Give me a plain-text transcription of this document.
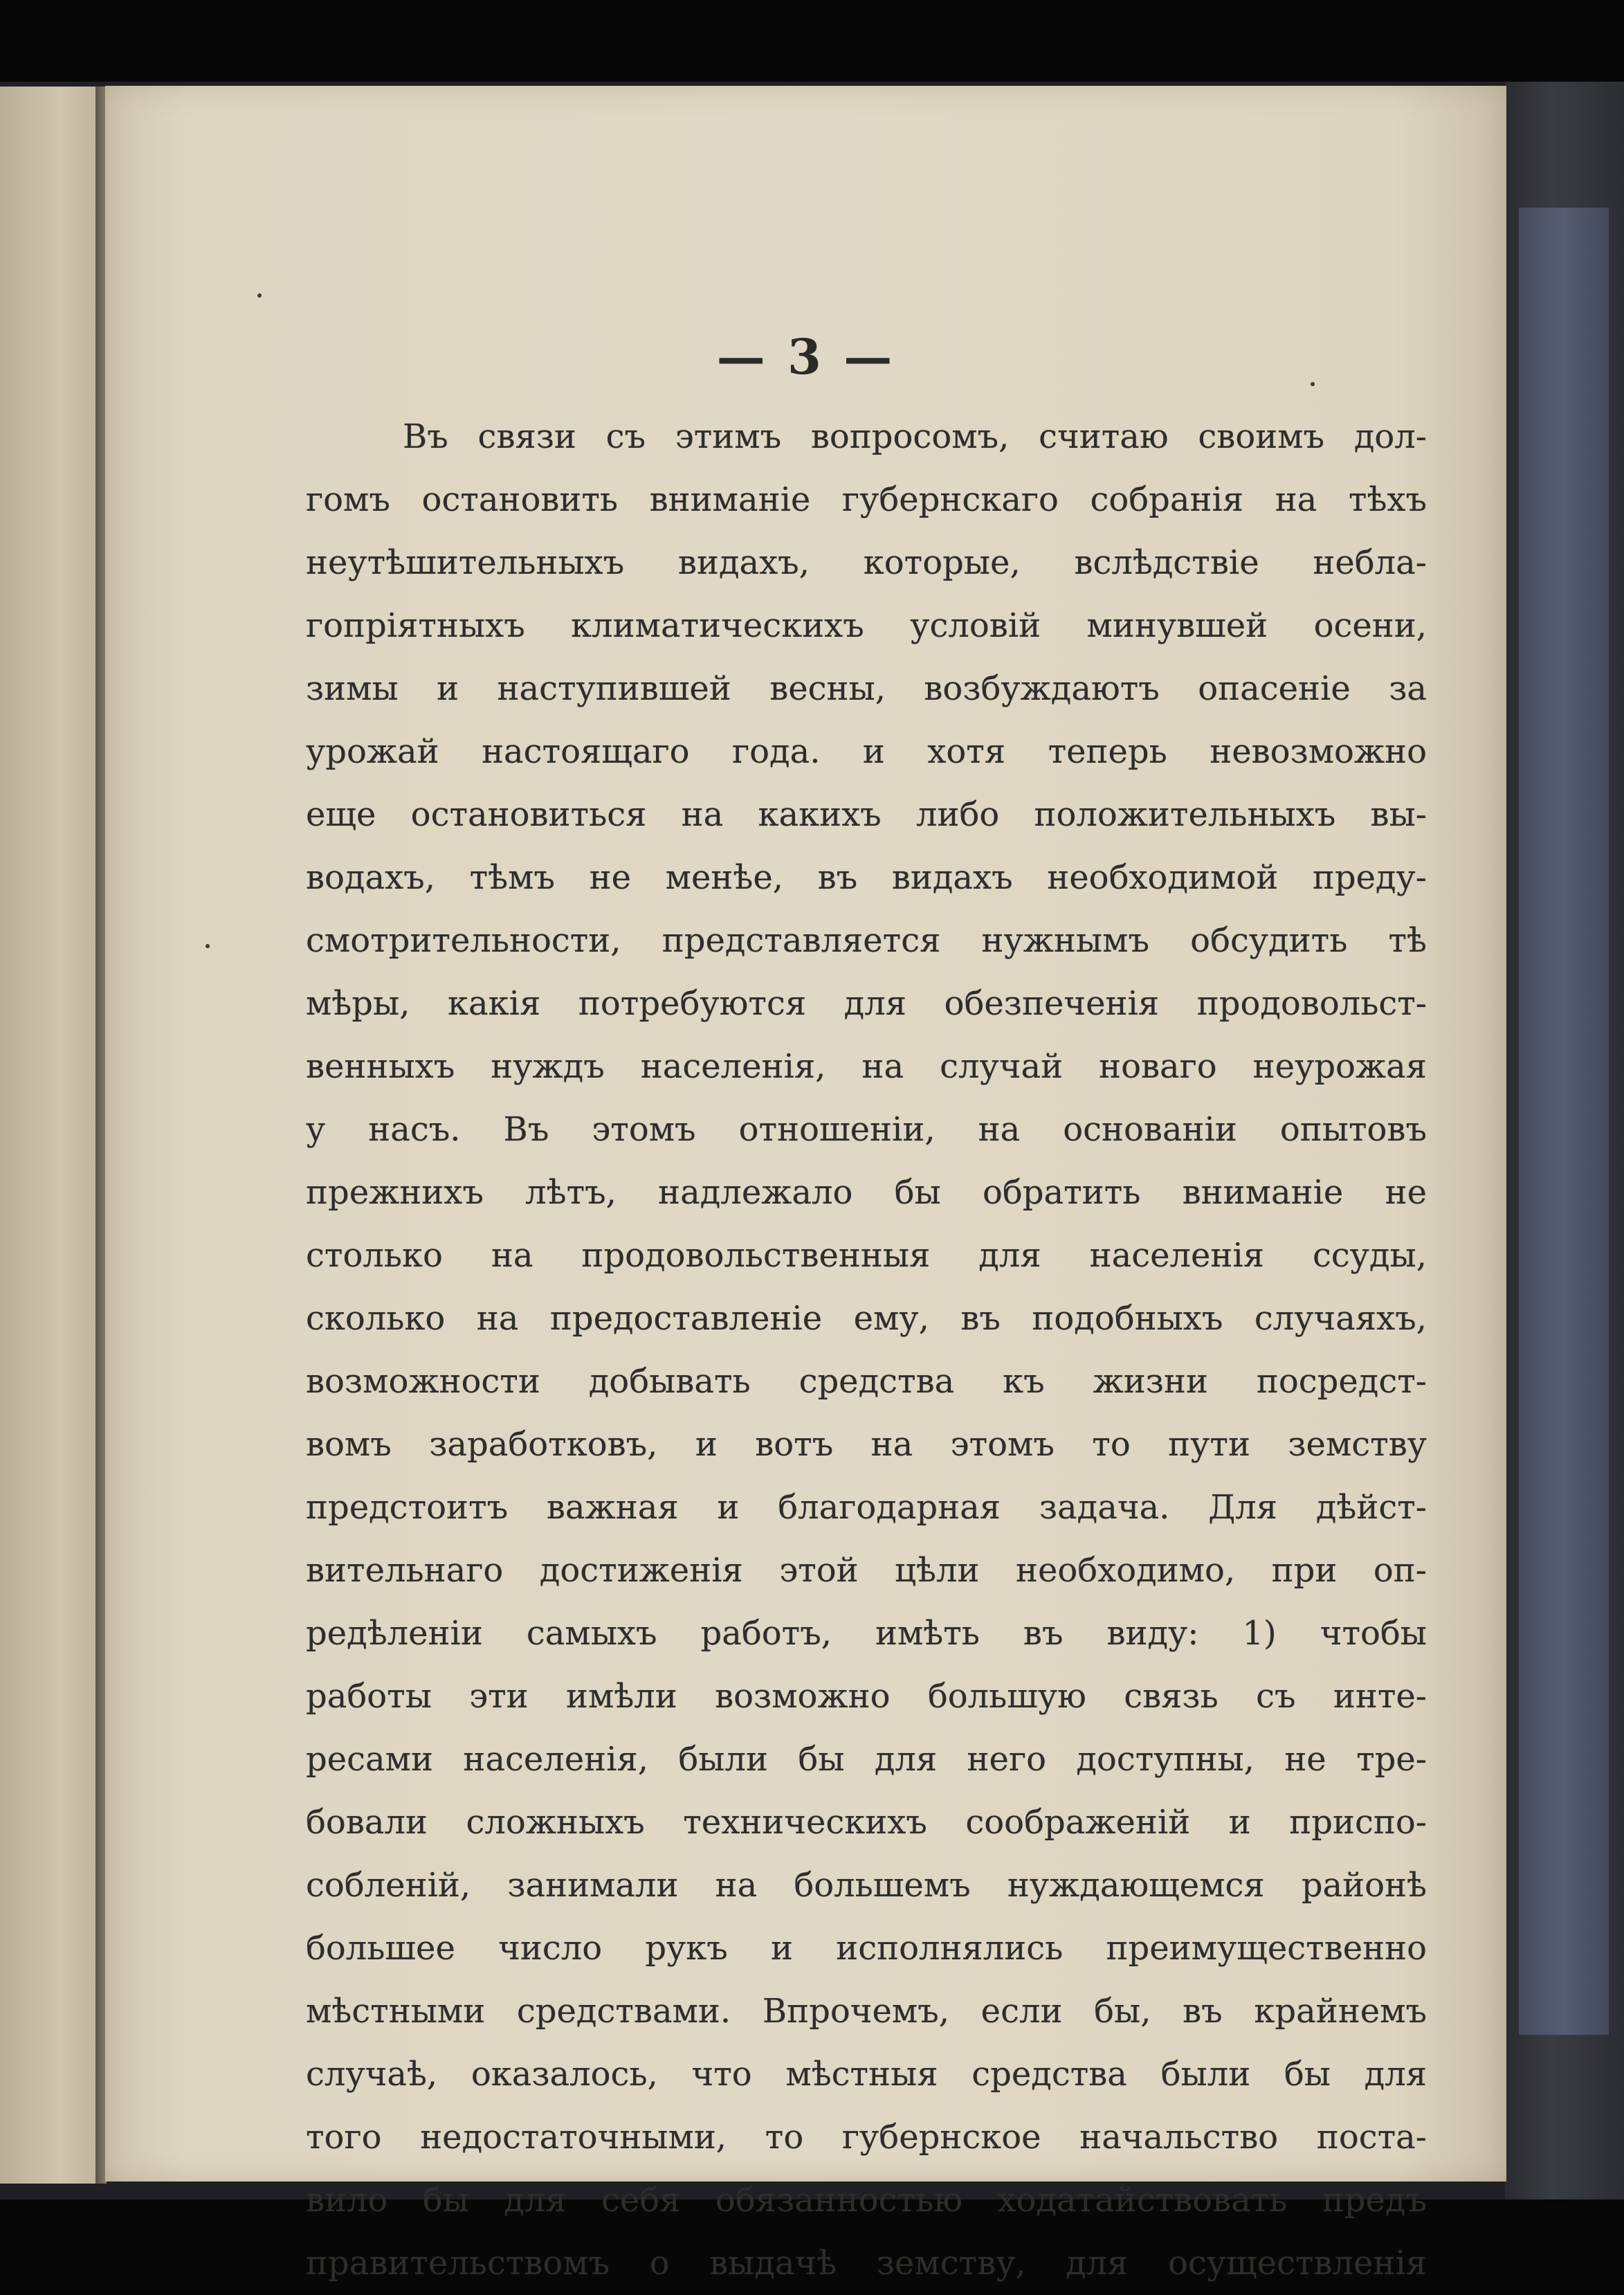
— 3 —
Въ связи съ этимъ вопросомъ, считаю своимъ дол-
гомъ остановить вниманіе губернскаго собранія на тѣхъ
неутѣшительныхъ видахъ, которые, вслѣдствіе небла-
гопріятныхъ климатическихъ условій минувшей осени,
зимы и наступившей весны, возбуждаютъ опасеніе за
урожай настоящаго года. и хотя теперь невозможно
еще остановиться на какихъ либо положительныхъ вы-
водахъ, тѣмъ не менѣе, въ видахъ необходимой преду-
смотрительности, представляется нужнымъ обсудить тѣ
мѣры, какія потребуются для обезпеченія продовольст-
венныхъ нуждъ населенія, на случай новаго неурожая
у насъ. Въ этомъ отношеніи, на основаніи опытовъ
прежнихъ лѣтъ, надлежало бы обратить вниманіе не
столько на продовольственныя для населенія ссуды,
сколько на предоставленіе ему, въ подобныхъ случаяхъ,
возможности добывать средства къ жизни посредст-
вомъ заработковъ, и вотъ на этомъ то пути земству
предстоитъ важная и благодарная задача. Для дѣйст-
вительнаго достиженія этой цѣли необходимо, при оп-
редѣленіи самыхъ работъ, имѣть въ виду: 1) чтобы
работы эти имѣли возможно большую связь съ инте-
ресами населенія, были бы для него доступны, не тре-
бовали сложныхъ техническихъ соображеній и приспо-
собленій, занимали на большемъ нуждающемся районѣ
большее число рукъ и исполнялись преимущественно
мѣстными средствами. Впрочемъ, если бы, въ крайнемъ
случаѣ, оказалось, что мѣстныя средства были бы для
того недостаточными, то губернское начальство поста-
вило бы для себя обязанностью ходатайствовать предъ
правительствомъ о выдачѣ земству, для осуществленія
